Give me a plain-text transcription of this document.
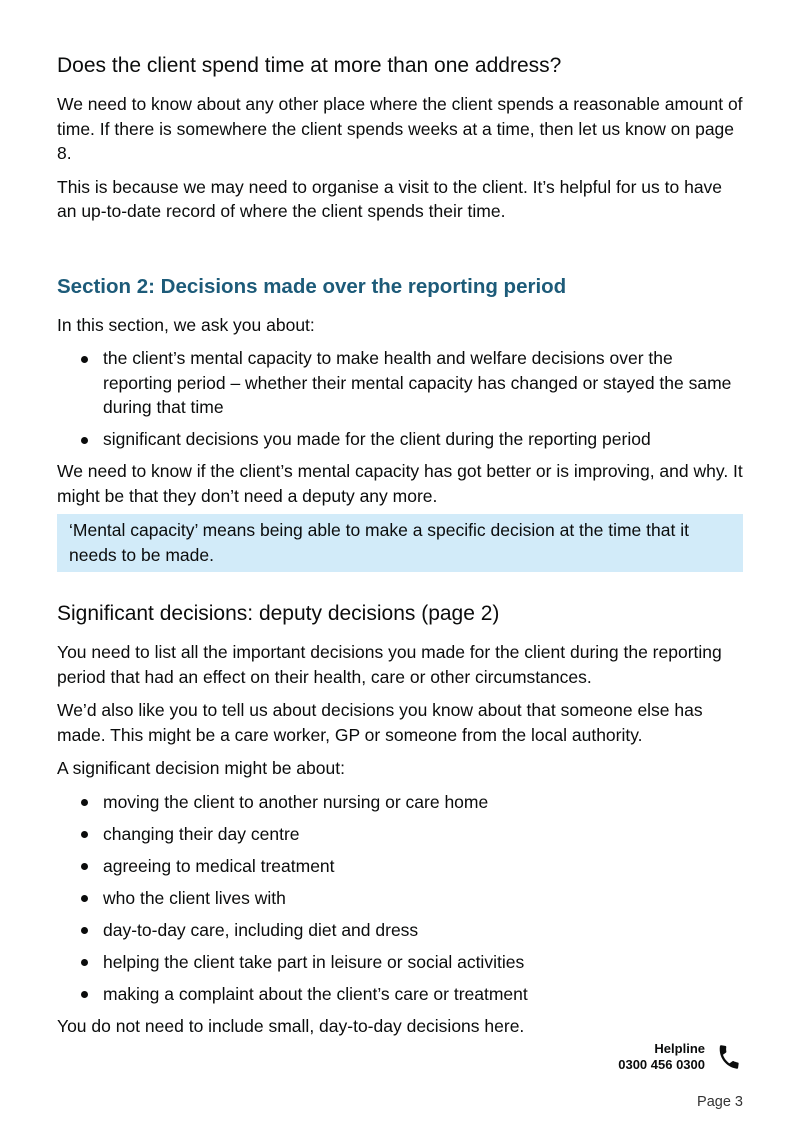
Does the client spend time at more than one address?

We need to know about any other place where the client spends a reasonable amount of time. If there is somewhere the client spends weeks at a time, then let us know on page 8.

This is because we may need to organise a visit to the client. It’s helpful for us to have an up-to-date record of where the client spends their time.

Section 2: Decisions made over the reporting period

In this section, we ask you about:

the client’s mental capacity to make health and welfare decisions over the reporting period – whether their mental capacity has changed or stayed the same during that time
significant decisions you made for the client during the reporting period

We need to know if the client’s mental capacity has got better or is improving, and why. It might be that they don’t need a deputy any more.

‘Mental capacity’ means being able to make a specific decision at the time that it needs to be made.
Significant decisions: deputy decisions (page 2)

You need to list all the important decisions you made for the client during the reporting period that had an effect on their health, care or other circumstances.

We’d also like you to tell us about decisions you know about that someone else has made. This might be a care worker, GP or someone from the local authority.

A significant decision might be about:

moving the client to another nursing or care home
changing their day centre
agreeing to medical treatment
who the client lives with
day-to-day care, including diet and dress
helping the client take part in leisure or social activities
making a complaint about the client’s care or treatment

You do not need to include small, day-to-day decisions here.

Helpline
0300 456 0300
Page 3
